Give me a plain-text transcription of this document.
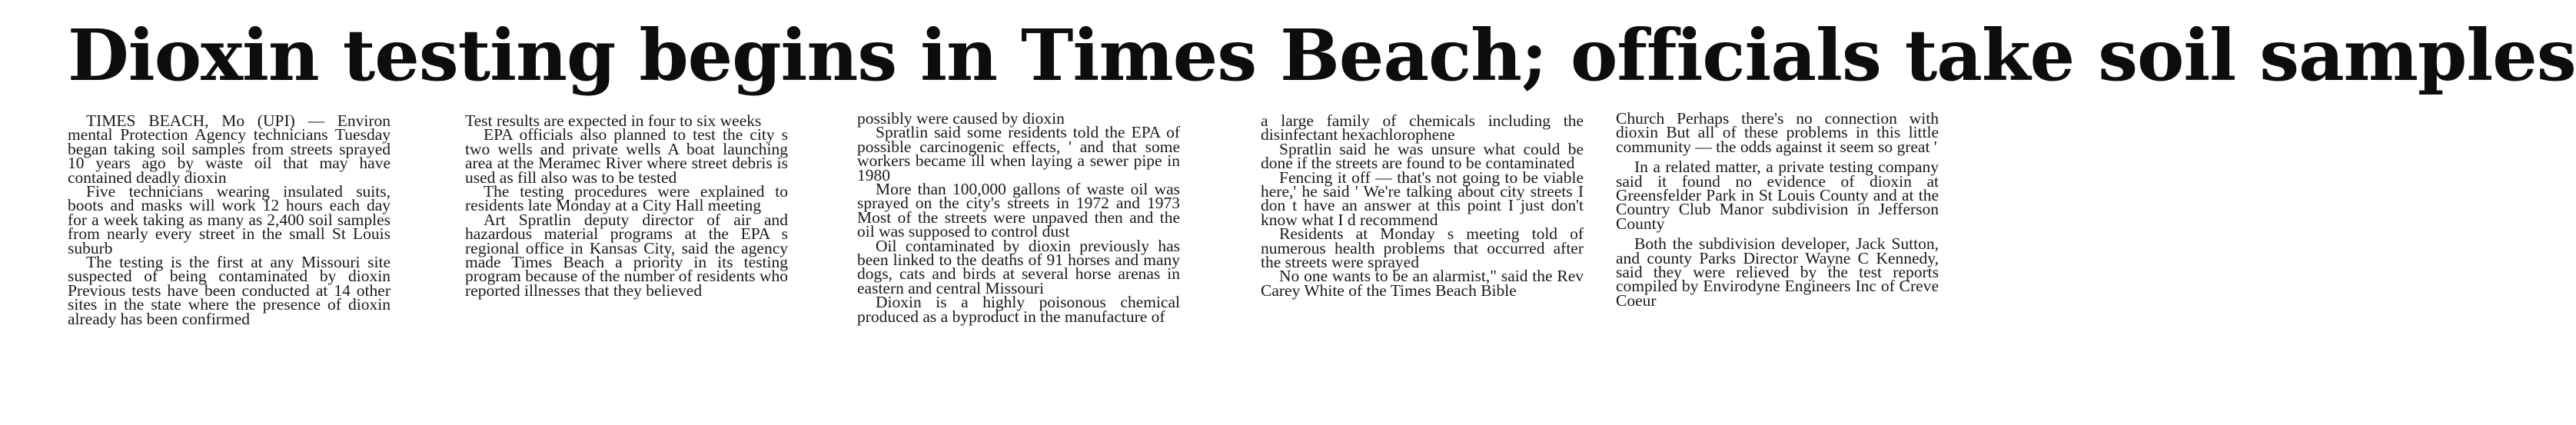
Dioxin testing begins in Times Beach; officials take soil samples

TIMES BEACH, Mo (UPI) — Environ mental Protection Agency technicians Tuesday began taking soil samples from streets sprayed 10 years ago by waste oil that may have contained deadly dioxin

Five technicians wearing insulated suits, boots and masks will work 12 hours each day for a week taking as many as 2,400 soil samples from nearly every street in the small St Louis suburb

The testing is the first at any Missouri site suspected of being contaminated by dioxin Previous tests have been conducted at 14 other sites in the state where the presence of dioxin already has been confirmed

Test results are expected in four to six weeks

EPA officials also planned to test the city s two wells and private wells A boat launching area at the Meramec River where street debris is used as fill also was to be tested

The testing procedures were explained to residents late Monday at a City Hall meeting

Art Spratlin deputy director of air and hazardous material programs at the EPA s regional office in Kansas City, said the agency made Times Beach a priority in its testing program because of the number of residents who reported illnesses that they believed

possibly were caused by dioxin

Spratlin said some residents told the EPA of possible carcinogenic effects, ' and that some workers became ill when laying a sewer pipe in 1980

More than 100,000 gallons of waste oil was sprayed on the city's streets in 1972 and 1973 Most of the streets were unpaved then and the oil was supposed to control dust

Oil contaminated by dioxin previously has been linked to the deaths of 91 horses and many dogs, cats and birds at several horse arenas in eastern and central Missouri

Dioxin is a highly poisonous chemical produced as a byproduct in the manufacture of

a large family of chemicals including the disinfectant hexachlorophene

Spratlin said he was unsure what could be done if the streets are found to be contaminated

Fencing it off — that's not going to be viable here,' he said ' We're talking about city streets I don t have an answer at this point I just don't know what I d recommend

Residents at Monday s meeting told of numerous health problems that occurred after the streets were sprayed

No one wants to be an alarmist," said the Rev Carey White of the Times Beach Bible

Church Perhaps there's no connection with dioxin But all of these problems in this little community — the odds against it seem so great '

In a related matter, a private testing company said it found no evidence of dioxin at Greensfelder Park in St Louis County and at the Country Club Manor subdivision in Jefferson County

Both the subdivision developer, Jack Sutton, and county Parks Director Wayne C Kennedy, said they were relieved by the test reports compiled by Envirodyne Engineers Inc of Creve Coeur
